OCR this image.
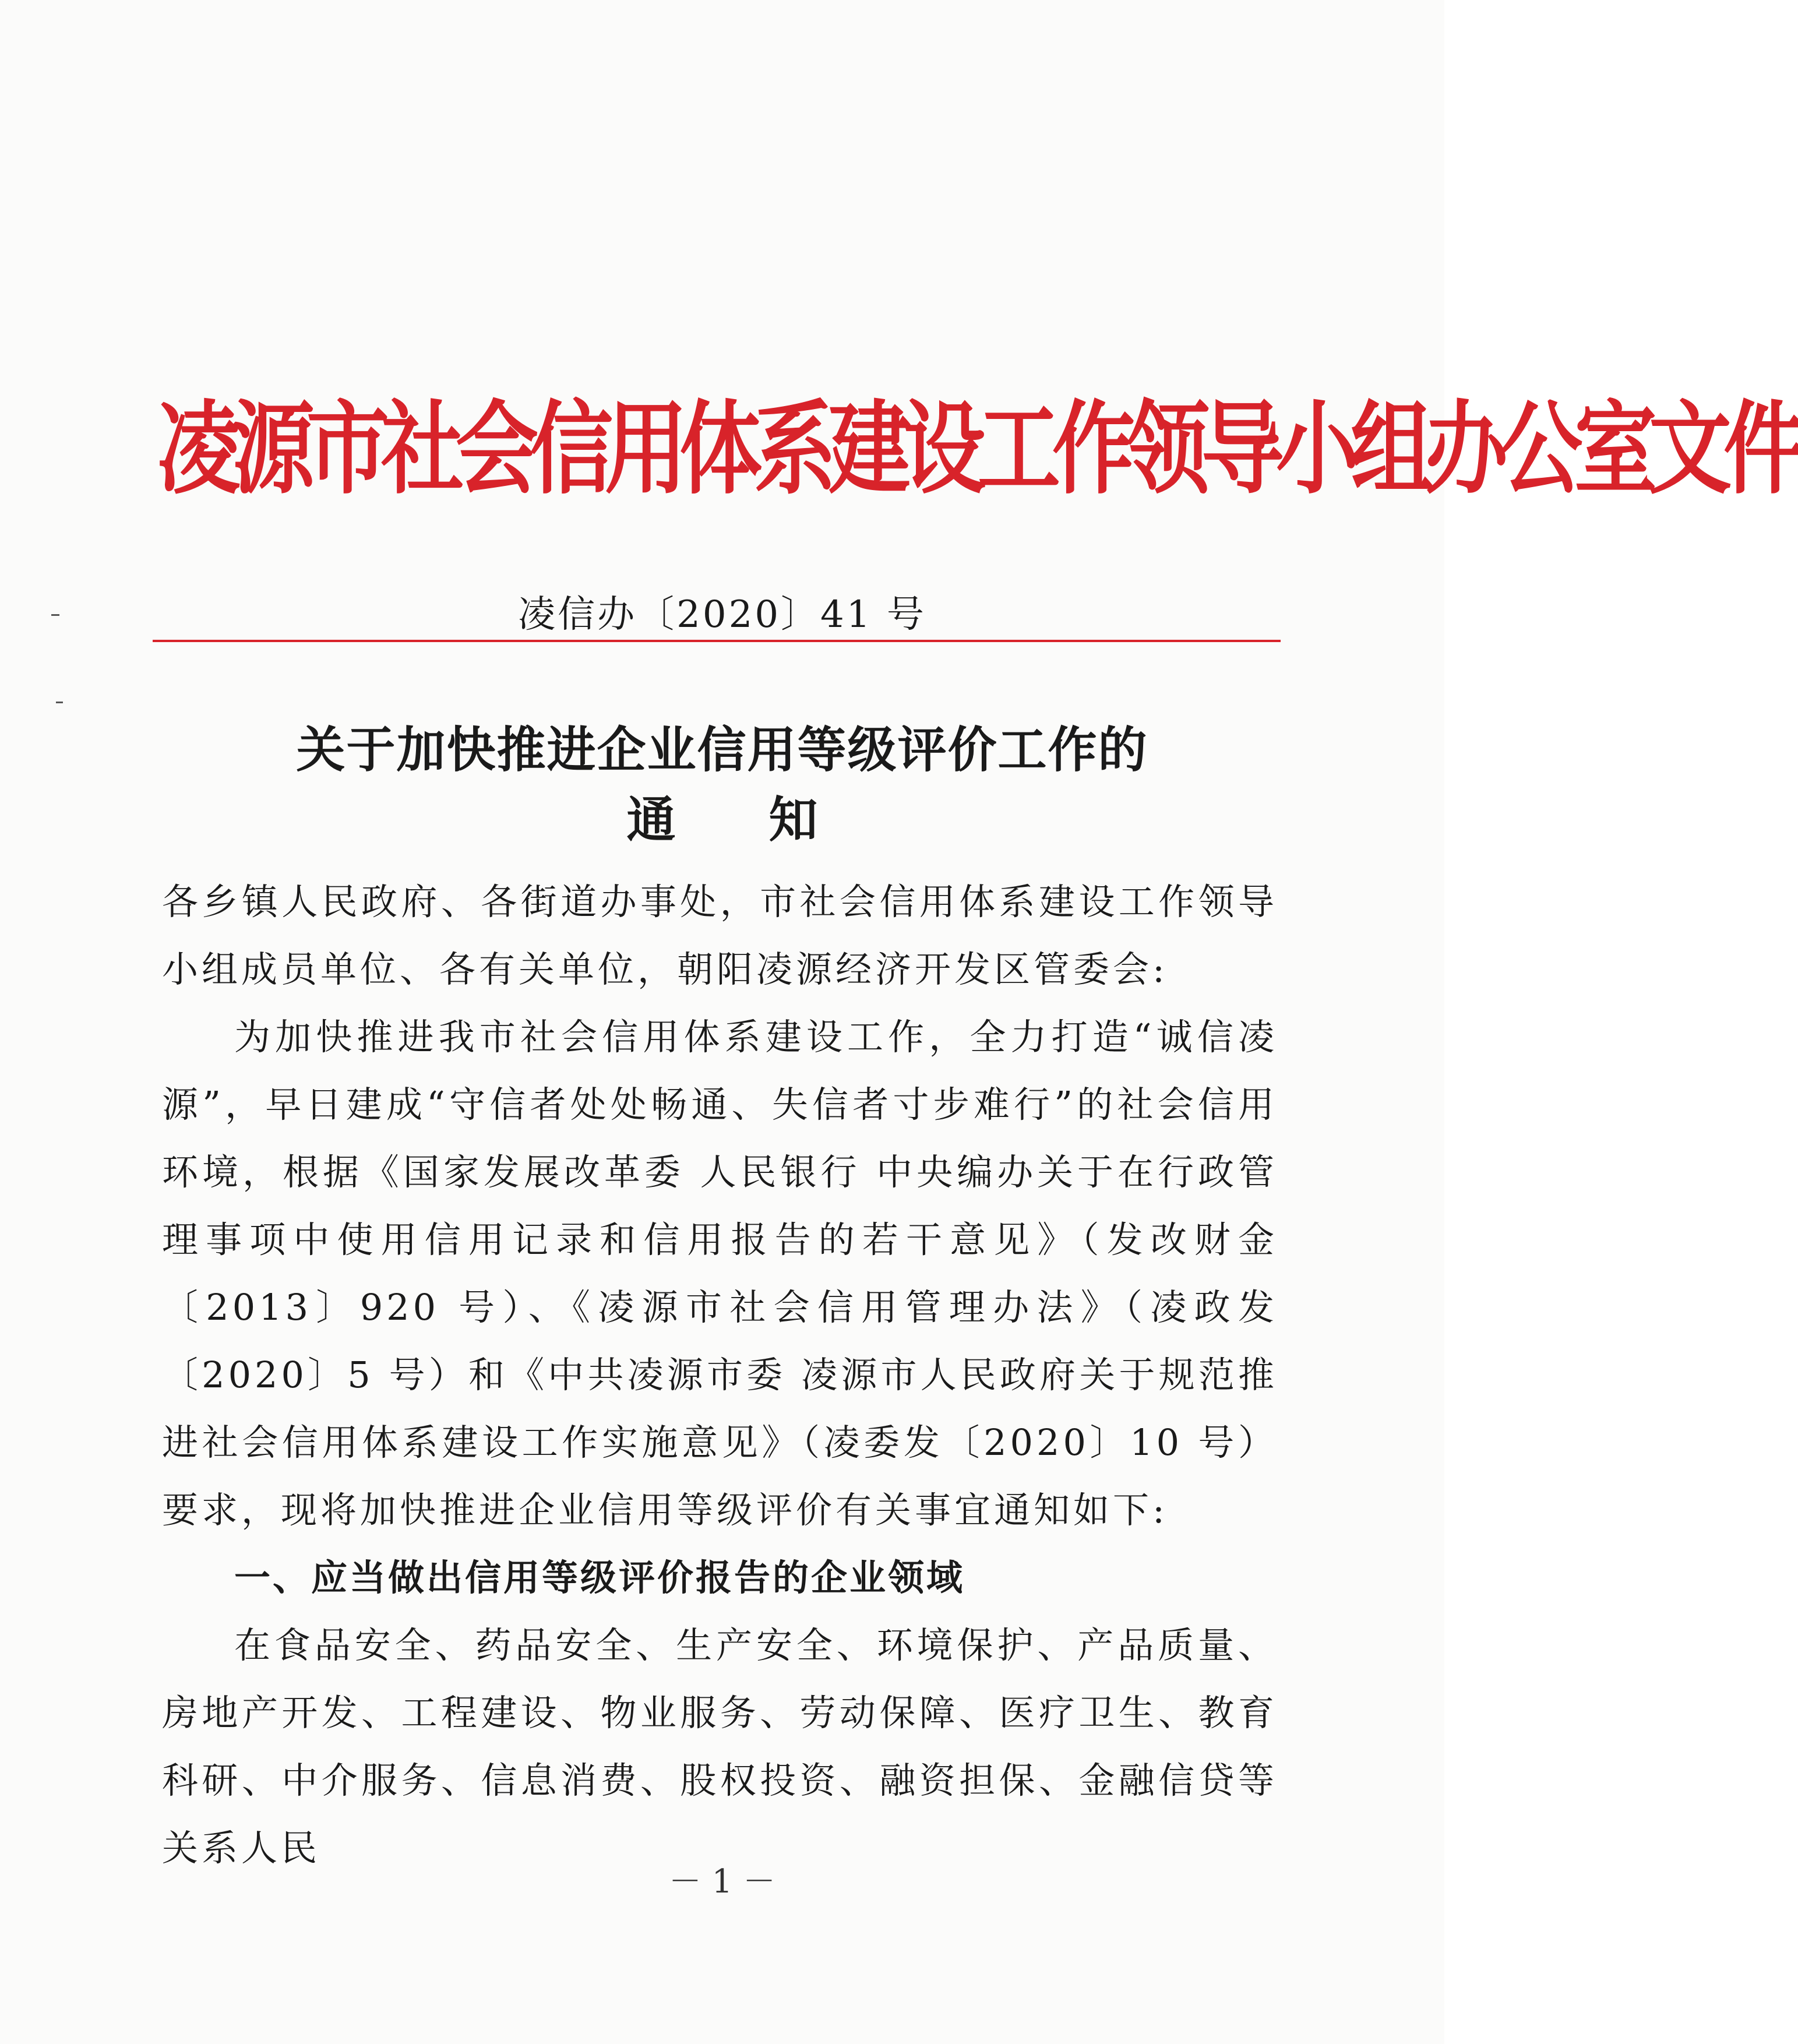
凌源市社会信用体系建设工作领导小组办公室文件
凌信办〔2020〕41 号
关于加快推进企业信用等级评价工作的
通知

各乡镇人民政府、各街道办事处，市社会信用体系建设工作领导小组成员单位、各有关单位，朝阳凌源经济开发区管委会:

为加快推进我市社会信用体系建设工作，全力打造“诚信凌源”，早日建成“守信者处处畅通、失信者寸步难行”的社会信用环境，根据《国家发展改革委 人民银行 中央编办关于在行政管理事项中使用信用记录和信用报告的若干意见》（发改财金〔2013〕920 号）、《凌源市社会信用管理办法》（凌政发〔2020〕5 号）和《中共凌源市委 凌源市人民政府关于规范推进社会信用体系建设工作实施意见》（凌委发〔2020〕10 号）要求，现将加快推进企业信用等级评价有关事宜通知如下:

一、应当做出信用等级评价报告的企业领域

在食品安全、药品安全、生产安全、环境保护、产品质量、房地产开发、工程建设、物业服务、劳动保障、医疗卫生、教育科研、中介服务、信息消费、股权投资、融资担保、金融信贷等关系人民

－ 1 －
